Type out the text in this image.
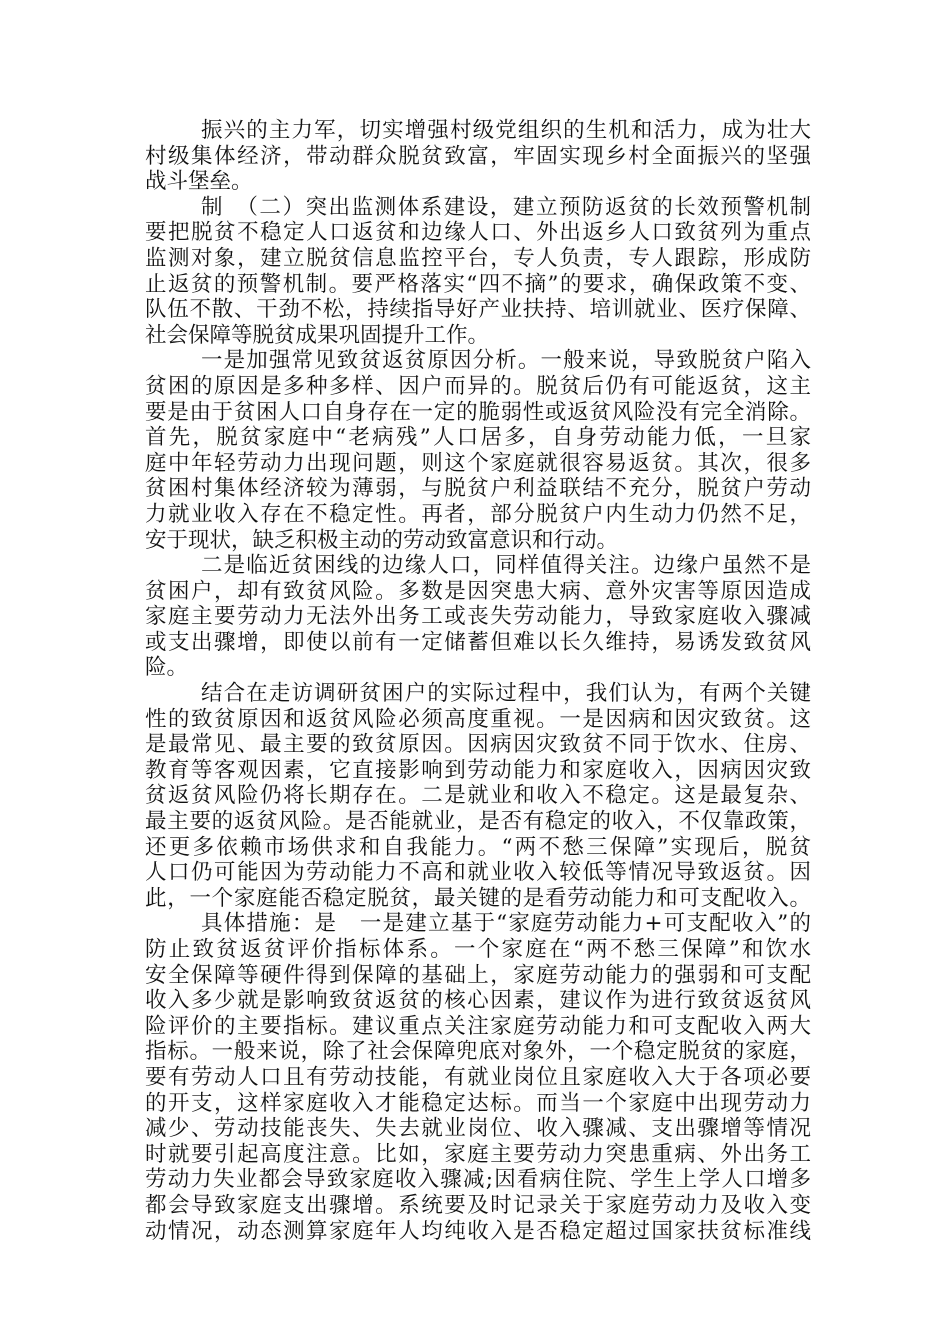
振兴的主力军，切实增强村级党组织的生机和活力，成为壮大
村级集体经济，带动群众脱贫致富，牢固实现乡村全面振兴的坚强
战斗堡垒。
制　（二）突出监测体系建设，建立预防返贫的长效预警机制
要把脱贫不稳定人口返贫和边缘人口、外出返乡人口致贫列为重点
监测对象，建立脱贫信息监控平台，专人负责，专人跟踪，形成防
止返贫的预警机制。要严格落实“四不摘”的要求，确保政策不变、
队伍不散、干劲不松，持续指导好产业扶持、培训就业、医疗保障、
社会保障等脱贫成果巩固提升工作。
一是加强常见致贫返贫原因分析。一般来说，导致脱贫户陷入
贫困的原因是多种多样、因户而异的。脱贫后仍有可能返贫，这主
要是由于贫困人口自身存在一定的脆弱性或返贫风险没有完全消除。
首先，脱贫家庭中“老病残”人口居多，自身劳动能力低，一旦家
庭中年轻劳动力出现问题，则这个家庭就很容易返贫。其次，很多
贫困村集体经济较为薄弱，与脱贫户利益联结不充分，脱贫户劳动
力就业收入存在不稳定性。再者，部分脱贫户内生动力仍然不足，
安于现状，缺乏积极主动的劳动致富意识和行动。
二是临近贫困线的边缘人口，同样值得关注。边缘户虽然不是
贫困户，却有致贫风险。多数是因突患大病、意外灾害等原因造成
家庭主要劳动力无法外出务工或丧失劳动能力，导致家庭收入骤减
或支出骤增，即使以前有一定储蓄但难以长久维持，易诱发致贫风
险。
结合在走访调研贫困户的实际过程中，我们认为，有两个关键
性的致贫原因和返贫风险必须高度重视。一是因病和因灾致贫。这
是最常见、最主要的致贫原因。因病因灾致贫不同于饮水、住房、
教育等客观因素，它直接影响到劳动能力和家庭收入，因病因灾致
贫返贫风险仍将长期存在。二是就业和收入不稳定。这是最复杂、
最主要的返贫风险。是否能就业，是否有稳定的收入，不仅靠政策，
还更多依赖市场供求和自我能力。“两不愁三保障”实现后，脱贫
人口仍可能因为劳动能力不高和就业收入较低等情况导致返贫。因
此，一个家庭能否稳定脱贫，最关键的是看劳动能力和可支配收入。
具体措施：是　一是建立基于“家庭劳动能力+可支配收入”的
防止致贫返贫评价指标体系。一个家庭在“两不愁三保障”和饮水
安全保障等硬件得到保障的基础上，家庭劳动能力的强弱和可支配
收入多少就是影响致贫返贫的核心因素，建议作为进行致贫返贫风
险评价的主要指标。建议重点关注家庭劳动能力和可支配收入两大
指标。一般来说，除了社会保障兜底对象外，一个稳定脱贫的家庭，
要有劳动人口且有劳动技能，有就业岗位且家庭收入大于各项必要
的开支，这样家庭收入才能稳定达标。而当一个家庭中出现劳动力
减少、劳动技能丧失、失去就业岗位、收入骤减、支出骤增等情况
时就要引起高度注意。比如，家庭主要劳动力突患重病、外出务工
劳动力失业都会导致家庭收入骤减;因看病住院、学生上学人口增多
都会导致家庭支出骤增。系统要及时记录关于家庭劳动力及收入变
动情况，动态测算家庭年人均纯收入是否稳定超过国家扶贫标准线
